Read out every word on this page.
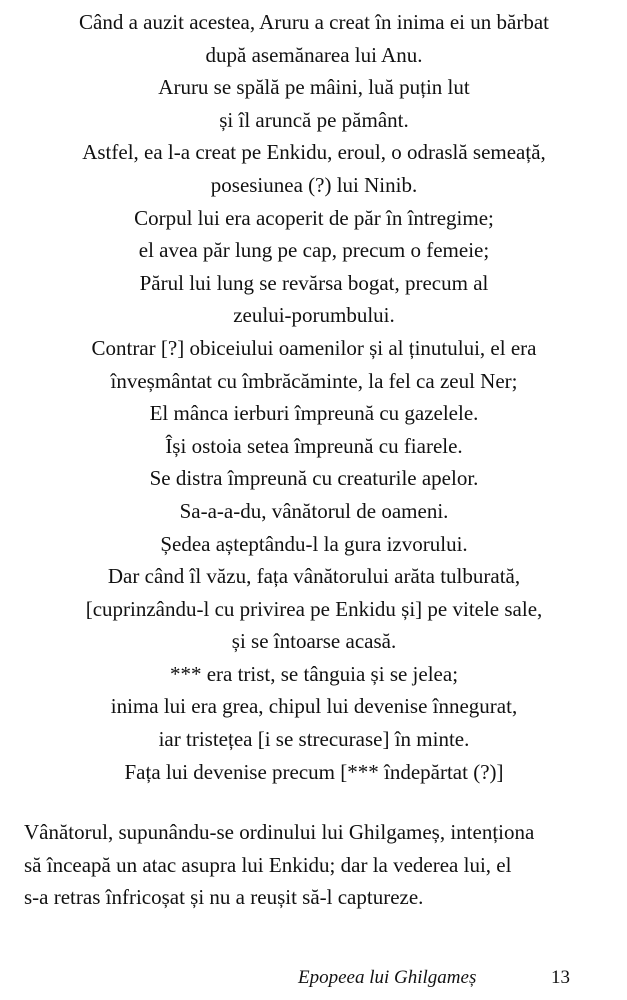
Când a auzit acestea, Aruru a creat în inima ei un bărbat
după asemănarea lui Anu.
Aruru se spălă pe mâini, luă puțin lut
și îl aruncă pe pământ.
Astfel, ea l-a creat pe Enkidu, eroul, o odraslă semeață,
posesiunea (?) lui Ninib.
Corpul lui era acoperit de păr în întregime;
el avea păr lung pe cap, precum o femeie;
Părul lui lung se revărsa bogat, precum al
zeului-porumbului.
Contrar [?] obiceiului oamenilor și al ținutului, el era
înveșmântat cu îmbrăcăminte, la fel ca zeul Ner;
El mânca ierburi împreună cu gazelele.
Își ostoia setea împreună cu fiarele.
Se distra împreună cu creaturile apelor.
Sa-a-a-du, vânătorul de oameni.
Ședea așteptându-l la gura izvorului.
Dar când îl văzu, fața vânătorului arăta tulburată,
[cuprinzându-l cu privirea pe Enkidu și] pe vitele sale,
și se întoarse acasă.
*** era trist, se tânguia și se jelea;
inima lui era grea, chipul lui devenise înnegurat,
iar tristețea [i se strecurase] în minte.
Fața lui devenise precum [*** îndepărtat (?)]

Vânătorul, supunându-se ordinului lui Ghilgameș, intenționa
să înceapă un atac asupra lui Enkidu; dar la vederea lui, el
s-a retras înfricoșat și nu a reușit să-l captureze.

Epopeea lui Ghilgameș	13
